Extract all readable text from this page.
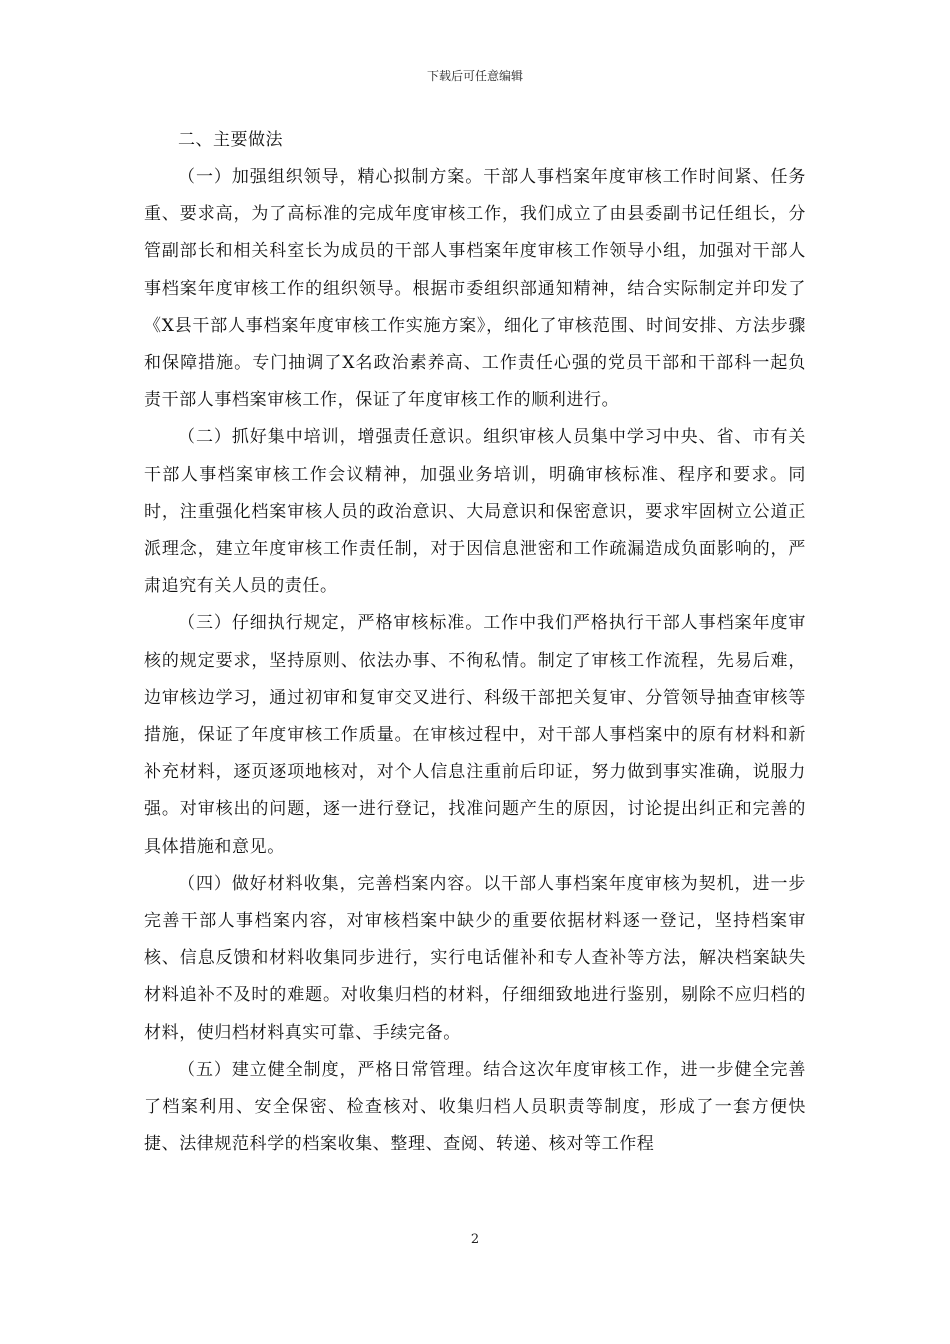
下载后可任意编辑
二、主要做法

（一）加强组织领导，精心拟制方案。干部人事档案年度审核工作时间紧、任务重、要求高，为了高标准的完成年度审核工作，我们成立了由县委副书记任组长，分管副部长和相关科室长为成员的干部人事档案年度审核工作领导小组，加强对干部人事档案年度审核工作的组织领导。根据市委组织部通知精神，结合实际制定并印发了《X县干部人事档案年度审核工作实施方案》，细化了审核范围、时间安排、方法步骤和保障措施。专门抽调了X名政治素养高、工作责任心强的党员干部和干部科一起负责干部人事档案审核工作，保证了年度审核工作的顺利进行。

（二）抓好集中培训，增强责任意识。组织审核人员集中学习中央、省、市有关干部人事档案审核工作会议精神，加强业务培训，明确审核标准、程序和要求。同时，注重强化档案审核人员的政治意识、大局意识和保密意识，要求牢固树立公道正派理念，建立年度审核工作责任制，对于因信息泄密和工作疏漏造成负面影响的，严肃追究有关人员的责任。

（三）仔细执行规定，严格审核标准。工作中我们严格执行干部人事档案年度审核的规定要求，坚持原则、依法办事、不徇私情。制定了审核工作流程，先易后难，边审核边学习，通过初审和复审交叉进行、科级干部把关复审、分管领导抽查审核等措施，保证了年度审核工作质量。在审核过程中，对干部人事档案中的原有材料和新补充材料，逐页逐项地核对，对个人信息注重前后印证，努力做到事实准确，说服力强。对审核出的问题，逐一进行登记，找准问题产生的原因，讨论提出纠正和完善的具体措施和意见。

（四）做好材料收集，完善档案内容。以干部人事档案年度审核为契机，进一步完善干部人事档案内容，对审核档案中缺少的重要依据材料逐一登记，坚持档案审核、信息反馈和材料收集同步进行，实行电话催补和专人查补等方法，解决档案缺失材料追补不及时的难题。对收集归档的材料，仔细细致地进行鉴别，剔除不应归档的材料，使归档材料真实可靠、手续完备。

（五）建立健全制度，严格日常管理。结合这次年度审核工作，进一步健全完善了档案利用、安全保密、检查核对、收集归档人员职责等制度，形成了一套方便快捷、法律规范科学的档案收集、整理、查阅、转递、核对等工作程

2
